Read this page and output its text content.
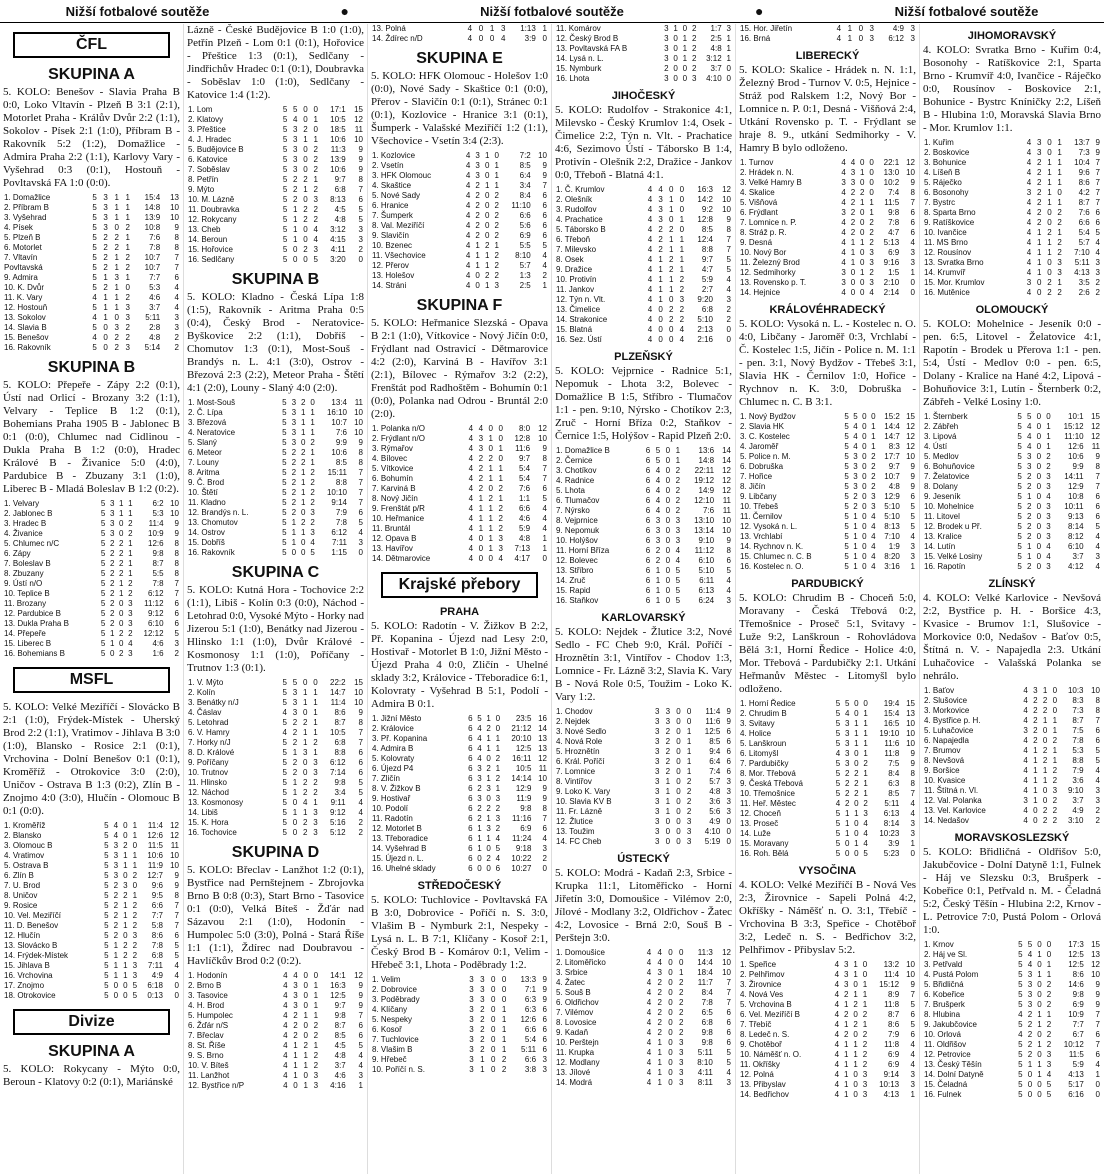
Nižší fotbalové soutěže	●	Nižší fotbalové soutěže	●	Nižší fotbalové soutěže
ČFL
SKUPINA A

5. KOLO: Benešov - Slavia Praha B 0:0, Loko Vltavín - Plzeň B 3:1 (2:1), Motorlet Praha - Králův Dvůr 2:2 (1:1), Sokolov - Písek 2:1 (1:0), Příbram B - Rakovník 5:2 (1:2), Domažlice - Admira Praha 2:2 (1:1), Karlovy Vary - Vyšehrad 0:3 (0:1), Hostouň - Povltavská FA 1:0 (0:0).

1. Domažlice	5	3	1	1	15:4	13
2. Příbram B	5	3	1	1	14:8	10
3. Vyšehrad	5	3	1	1	13:9	10
4. Písek	5	3	0	2	10:8	9
5. Plzeň B	5	2	2	1	7:6	8
6. Motorlet	5	2	2	1	7:8	8
7. Vltavín	5	2	1	2	10:7	7
Povltavská	5	2	1	2	10:7	7
9. Admira	5	1	3	1	7:7	6
10. K. Dvůr	5	2	1	0	5:3	4
11. K. Vary	4	1	1	2	4:6	4
12. Hostouň	5	1	1	3	3:7	4
13. Sokolov	4	1	0	3	5:11	3
14. Slavia B	5	0	3	2	2:8	3
15. Benešov	4	0	2	2	4:8	2
16. Rakovník	5	0	2	3	5:14	2
SKUPINA B

5. KOLO: Přepeře - Zápy 2:2 (0:1), Ústí nad Orlicí - Brozany 3:2 (1:1), Velvary - Teplice B 1:2 (0:1), Bohemians Praha 1905 B - Jablonec B 0:1 (0:0), Chlumec nad Cidlinou - Dukla Praha B 1:2 (0:0), Hradec Králové B - Živanice 5:0 (4:0), Pardubice B - Zbuzany 3:1 (1:0), Liberec B - Mladá Boleslav B 1:2 (0:2).

1. Velvary	5	3	1	1	6:2	10
2. Jablonec B	5	3	1	1	5:3	10
3. Hradec B	5	3	0	2	11:4	9
4. Živanice	5	3	0	2	10:9	9
5. Chlumec n/C	5	2	2	1	12:6	8
6. Zápy	5	2	2	1	9:8	8
7. Boleslav B	5	2	2	1	8:7	8
8. Zbuzany	5	2	2	1	5:5	8
9. Ústí n/O	5	2	1	2	7:8	7
10. Teplice B	5	2	1	2	6:12	7
11. Brozany	5	2	0	3	11:12	6
12. Pardubice B	5	2	0	3	9:12	6
13. Dukla Praha B	5	2	0	3	6:10	6
14. Přepeře	5	1	2	2	12:12	5
15. Liberec B	5	1	0	4	4:6	3
16. Bohemians B	5	0	2	3	1:6	2
MSFL

5. KOLO: Velké Meziříčí - Slovácko B 2:1 (1:0), Frýdek-Místek - Uherský Brod 2:2 (1:1), Vratimov - Jihlava B 3:0 (1:0), Blansko - Rosice 2:1 (0:1), Vrchovina - Dolní Benešov 0:1 (0:1), Kroměříž - Otrokovice 3:0 (2:0), Uničov - Ostrava B 1:3 (0:2), Zlín B - Znojmo 4:0 (3:0), Hlučín - Olomouc B 0:1 (0:0).

1. Kroměříž	5	4	0	1	11:4	12
2. Blansko	5	4	0	1	12:6	12
3. Olomouc B	5	3	2	0	11:5	11
4. Vratimov	5	3	1	1	10:6	10
5. Ostrava B	5	3	1	1	11:9	10
6. Zlín B	5	3	0	2	12:7	9
7. U. Brod	5	2	3	0	9:6	9
8. Uničov	5	2	2	1	9:5	8
9. Rosice	5	2	1	2	6:6	7
10. Vel. Meziříčí	5	2	1	2	7:7	7
11. D. Benešov	5	2	1	2	5:8	7
12. Hlučín	5	2	0	3	8:6	6
13. Slovácko B	5	1	2	2	7:8	5
14. Frýdek-Místek	5	1	2	2	6:8	5
15. Jihlava B	5	1	1	3	7:11	4
16. Vrchovina	5	1	1	3	4:9	4
17. Znojmo	5	0	0	5	6:18	0
18. Otrokovice	5	0	0	5	0:13	0
Divize
SKUPINA A

5. KOLO: Rokycany - Mýto 0:0, Beroun - Klatovy 0:2 (0:1), Mariánské

Lázně - České Budějovice B 1:0 (1:0), Petřín Plzeň - Lom 0:1 (0:1), Hořovice - Přeštice 1:3 (0:1), Sedlčany - Jindřichův Hradec 0:1 (0:1), Doubravka - Soběslav 1:0 (1:0), Sedlčany - Katovice 1:4 (1:2).

1. Lom	5	5	0	0	17:1	15
2. Klatovy	5	4	0	1	10:5	12
3. Přeštice	5	3	2	0	18:5	11
4. J. Hradec	5	3	1	1	10:6	10
5. Budějovice B	5	3	0	2	11:3	9
6. Katovice	5	3	0	2	13:9	9
7. Soběslav	5	3	0	2	10:6	9
8. Petřín	5	2	2	1	9:7	8
9. Mýto	5	2	1	2	6:8	7
10. M. Lázně	5	2	0	3	8:13	6
11. Doubravka	5	1	2	2	4:5	5
12. Rokycany	5	1	2	2	4:8	5
13. Cheb	5	1	0	4	3:12	3
14. Beroun	5	1	0	4	4:15	3
15. Hořovice	5	0	2	3	4:11	2
16. Sedlčany	5	0	0	5	3:20	0
SKUPINA B

5. KOLO: Kladno - Česká Lípa 1:8 (1:5), Rakovník - Aritma Praha 0:5 (0:4), Český Brod - Neratovice-Byškovice 2:2 (1:1), Dobříš - Chomutov 1:3 (0:1), Most-Souš - Brandýs n. L. 4:1 (3:0), Ostrov - Březová 2:3 (2:2), Meteor Praha - Štětí 4:1 (2:0), Louny - Slaný 4:0 (2:0).

1. Most-Souš	5	3	2	0	13:4	11
2. Č. Lípa	5	3	1	1	16:10	10
3. Březová	5	3	1	1	10:7	10
4. Neratovice	5	3	1	1	7:6	10
5. Slaný	5	3	0	2	9:9	9
6. Meteor	5	2	2	1	10:6	8
7. Louny	5	2	2	1	8:5	8
8. Aritma	5	2	1	2	15:11	7
9. Č. Brod	5	2	1	2	8:8	7
10. Štětí	5	2	1	2	10:10	7
11. Kladno	5	2	1	2	9:14	7
12. Brandýs n. L.	5	2	0	3	7:9	6
13. Chomutov	5	1	2	2	7:8	5
14. Ostrov	5	1	1	3	6:12	4
15. Dobříš	5	1	0	4	7:11	3
16. Rakovník	5	0	0	5	1:15	0
SKUPINA C

5. KOLO: Kutná Hora - Tochovice 2:2 (1:1), Libiš - Kolín 0:3 (0:0), Náchod - Letohrad 0:0, Vysoké Mýto - Horky nad Jizerou 5:1 (1:0), Benátky nad Jizerou - Hlinsko 1:1 (1:0), Dvůr Králové - Kosmonosy 1:1 (1:0), Poříčany - Trutnov 1:3 (0:1).

1. V. Mýto	5	5	0	0	22:2	15
2. Kolín	5	3	1	1	14:7	10
3. Benátky n/J	5	3	1	1	11:4	10
4. Čáslav	4	3	0	1	8:6	9
5. Letohrad	5	2	2	1	8:7	8
6. V. Hamry	4	2	1	1	10:5	7
7. Horky n/J	5	2	1	2	6:8	7
8. D. Králové	5	1	3	1	8:8	6
9. Poříčany	5	2	0	3	6:12	6
10. Trutnov	5	2	0	3	7:14	6
11. Hlinsko	5	1	2	2	9:8	5
12. Náchod	5	1	2	2	3:4	5
13. Kosmonosy	5	0	4	1	9:11	4
14. Libiš	5	1	1	3	9:12	4
15. K. Hora	5	0	2	3	5:16	2
16. Tochovice	5	0	2	3	5:12	2
SKUPINA D

5. KOLO: Břeclav - Lanžhot 1:2 (0:1), Bystřice nad Pernštejnem - Zbrojovka Brno B 0:8 (0:3), Start Brno - Tasovice 0:1 (0:0), Velká Bíteš - Žďár nad Sázavou 2:1 (1:0), Hodonín - Humpolec 5:0 (3:0), Polná - Stará Říše 1:1 (1:1), Ždírec nad Doubravou - Havlíčkův Brod 0:2 (0:2).

1. Hodonín	4	4	0	0	14:1	12
2. Brno B	4	3	0	1	16:3	9
3. Tasovice	4	3	0	1	12:5	9
4. H. Brod	4	3	0	1	9:7	9
5. Humpolec	4	2	1	1	9:8	7
6. Žďár n/S	4	2	0	2	8:7	6
7. Břeclav	4	2	0	2	8:5	6
8. St. Říše	4	1	2	1	4:5	5
9. S. Brno	4	1	1	2	4:8	4
10. V. Bíteš	4	1	1	2	3:7	4
11. Lanžhot	4	1	0	3	4:6	3
12. Bystřice n/P	4	0	1	3	4:16	1
13. Polná	4	0	1	3	1:13	1
14. Ždírec n/D	4	0	0	4	3:9	0
SKUPINA E

5. KOLO: HFK Olomouc - Holešov 1:0 (0:0), Nové Sady - Skaštice 0:1 (0:0), Přerov - Slavičín 0:1 (0:1), Stránec 0:1 (0:1), Kozlovice - Hranice 3:1 (0:1), Šumperk - Valašské Meziříčí 1:2 (1:1), Všechovice - Vsetín 3:4 (2:3).

1. Kozlovice	4	3	1	0	7:2	10
2. Vsetín	4	3	0	1	8:5	9
3. HFK Olomouc	4	3	0	1	6:4	9
4. Skaštice	4	2	1	1	3:4	7
5. Nové Sady	4	2	0	2	8:4	6
6. Hranice	4	2	0	2	11:10	6
7. Šumperk	4	2	0	2	6:6	6
8. Val. Meziříčí	4	2	0	2	5:6	6
9. Slavičín	4	2	0	2	6:9	6
10. Bzenec	4	1	2	1	5:5	5
11. Všechovice	4	1	1	2	8:10	4
12. Přerov	4	1	1	2	5:7	4
13. Holešov	4	0	2	2	1:3	2
14. Stráni	4	0	1	3	2:5	1
SKUPINA F

5. KOLO: Heřmanice Slezská - Opava B 2:1 (1:0), Vítkovice - Nový Jičín 0:0, Frýdlant nad Ostravicí - Dětmarovice 4:2 (2:0), Karviná B - Havířov 3:1 (2:1), Bílovec - Rýmařov 3:2 (2:2), Frenštát pod Radhoštěm - Bohumín 0:1 (0:0), Polanka nad Odrou - Bruntál 2:0 (2:0).

1. Polanka n/O	4	4	0	0	8:0	12
2. Frýdlant n/O	4	3	1	0	12:8	10
3. Rýmařov	4	3	0	1	11:6	9
4. Bílovec	4	2	2	0	9:7	8
5. Vítkovice	4	2	1	1	5:4	7
6. Bohumín	4	2	1	1	5:4	7
7. Karviná B	4	2	0	2	7:6	6
8. Nový Jičín	4	1	2	1	1:1	5
9. Frenštát p/R	4	1	1	2	6:6	4
10. Heřmanice	4	1	1	2	4:6	4
11. Bruntál	4	1	1	2	5:9	4
12. Opava B	4	0	1	3	4:8	1
13. Havířov	4	0	1	3	7:13	1
14. Dětmarovice	4	0	0	4	4:17	0
Krajské přebory
PRAHA

5. KOLO: Radotín - V. Žižkov B 2:2, Př. Kopanina - Újezd nad Lesy 2:0, Hostivař - Motorlet B 1:0, Jižní Město - Újezd Praha 4 0:0, Zličín - Uhelné sklady 3:2, Královice - Třeboradice 6:1, Kolovraty - Vyšehrad B 5:1, Podolí - Admira B 0:1.

1. Jižní Město	6	5	1	0	23:5	16
2. Královice	6	4	2	0	21:12	14
3. Př. Kopanina	6	4	1	1	20:10	13
4. Admira B	6	4	1	1	12:5	13
5. Kolovraty	6	4	0	2	16:11	12
6. Újezd P4	6	3	2	1	10:5	11
7. Zličín	6	3	1	2	14:14	10
8. V. Žižkov B	6	2	3	1	12:9	9
9. Hostivař	6	3	0	3	11:9	9
10. Podolí	6	2	2	2	9:8	8
11. Radotín	6	2	1	3	11:16	7
12. Motorlet B	6	1	3	2	6:9	6
13. Třeboradice	6	1	1	4	11:24	4
14. Vyšehrad B	6	1	0	5	9:18	3
15. Újezd n. L.	6	0	2	4	10:22	2
16. Uhelné sklady	6	0	0	6	10:27	0
STŘEDOČESKÝ

5. KOLO: Tuchlovice - Povltavská FA B 3:0, Dobrovice - Poříčí n. S. 3:0, Vlašim B - Nymburk 2:1, Nespeky - Lysá n. L. B 7:1, Klíčany - Kosoř 2:1, Český Brod B - Komárov 0:1, Velim - Hřebeč 3:1, Lhota - Poděbrady 1:2.

1. Velim	3	3	0	0	13:3	9
2. Dobrovice	3	3	0	0	7:1	9
3. Poděbrady	3	3	0	0	6:3	9
4. Klíčany	3	2	0	1	6:3	6
5. Nespeky	3	2	0	1	12:6	6
6. Kosoř	3	2	0	1	6:6	6
7. Tuchlovice	3	2	0	1	5:4	6
8. Vlašim B	3	2	0	1	5:11	6
9. Hřebeč	3	1	0	2	6:6	3
10. Poříčí n. S.	3	1	0	2	3:8	3
11. Komárov	3	1	0	2	1:7	3
12. Český Brod B	3	0	1	2	2:5	1
13. Povltavská FA B	3	0	1	2	4:8	1
14. Lysá n. L.	3	0	1	2	3:12	1
15. Nymburk	2	0	0	2	3:7	0
16. Lhota	3	0	0	3	4:10	0
JIHOČESKÝ

5. KOLO: Rudolfov - Strakonice 4:1, Milevsko - Český Krumlov 1:4, Osek - Čimelice 2:2, Týn n. Vlt. - Prachatice 4:6, Sezimovo Ústí - Táborsko B 1:4, Protivín - Olešník 2:2, Dražice - Jankov 0:0, Třeboň - Blatná 4:1.

1. Č. Krumlov	4	4	0	0	16:3	12
2. Olešník	4	3	1	0	14:2	10
3. Rudolfov	4	3	1	0	9:2	10
4. Prachatice	4	3	0	1	12:8	9
5. Táborsko B	4	2	2	0	8:5	8
6. Třeboň	4	2	1	1	12:4	7
7. Milevsko	4	2	1	1	8:8	7
8. Osek	4	1	2	1	9:7	5
9. Dražice	4	1	2	1	4:7	5
10. Protivín	4	1	1	2	5:9	4
11. Jankov	4	1	1	2	2:7	4
12. Týn n. Vlt.	4	1	0	3	9:20	3
13. Čimelice	4	0	2	2	6:8	2
14. Strakonice	4	0	2	2	5:10	2
15. Blatná	4	0	0	4	2:13	0
16. Sez. Ústí	4	0	0	4	2:16	0
PLZEŇSKÝ

5. KOLO: Vejprnice - Radnice 5:1, Nepomuk - Lhota 3:2, Bolevec - Domažlice B 1:5, Stříbro - Tlumačov 1:1 - pen. 9:10, Nýrsko - Chotíkov 2:3, Zruč - Horní Bříza 0:2, Staňkov - Černice 1:5, Holýšov - Rapid Plzeň 2:0.

1. Domažlice B	6	5	0	1	13:6	14
2. Černice	6	5	0	1	14:8	14
3. Chotíkov	6	4	0	2	22:11	12
4. Radnice	6	4	0	2	19:12	12
5. Lhota	6	4	0	2	14:9	12
6. Tlumačov	6	4	0	2	12:10	11
7. Nýrsko	6	4	0	2	7:6	11
8. Vejprnice	6	3	0	3	13:10	10
9. Nepomuk	6	3	0	3	13:14	10
10. Holýšov	6	3	0	3	9:10	9
11. Horní Bříza	6	2	0	4	11:12	8
12. Bolevec	6	2	0	4	6:10	6
13. Stříbro	6	1	0	5	5:10	5
14. Zruč	6	1	0	5	6:11	4
15. Rapid	6	1	0	5	6:13	4
16. Staňkov	6	1	0	5	6:24	3
KARLOVARSKÝ

5. KOLO: Nejdek - Žlutice 3:2, Nové Sedlo - FC Cheb 9:0, Král. Poříčí - Hroznětín 3:1, Vintířov - Chodov 1:3, Lomnice - Fr. Lázně 3:2, Slavia K. Vary B - Nová Role 0:5, Toužim - Loko K. Vary 1:2.

1. Chodov	3	3	0	0	11:4	9
2. Nejdek	3	3	0	0	11:6	9
3. Nové Sedlo	3	2	0	1	12:5	6
4. Nová Role	3	2	0	1	8:5	6
5. Hroznětín	3	2	0	1	9:4	6
6. Král. Poříčí	3	2	0	1	6:4	6
7. Lomnice	3	2	0	1	7:4	6
8. Vintířov	3	1	0	2	5:7	3
9. Loko K. Vary	3	1	0	2	4:8	3
10. Slavia KV B	3	1	0	2	3:6	3
11. Fr. Lázně	3	1	0	2	5:6	3
12. Žlutice	3	0	0	3	4:9	0
13. Toužim	3	0	0	3	4:10	0
14. FC Cheb	3	0	0	3	5:19	0
ÚSTECKÝ

5. KOLO: Modrá - Kadaň 2:3, Srbice - Krupka 11:1, Litoměřicko - Horní Jiřetín 3:0, Domoušice - Vilémov 2:0, Jílové - Modlany 3:2, Oldřichov - Žatec 4:2, Lovosice - Brná 2:0, Souš B - Perštejn 3:0.

1. Domoušice	4	4	0	0	11:3	12
2. Litoměřicko	4	4	0	0	14:4	10
3. Srbice	4	3	0	1	18:4	10
4. Žatec	4	2	0	2	11:7	7
5. Souš B	4	2	0	2	8:4	7
6. Oldřichov	4	2	0	2	7:8	7
7. Vilémov	4	2	0	2	6:5	6
8. Lovosice	4	2	0	2	6:8	6
9. Kadaň	4	2	0	2	9:8	6
10. Perštejn	4	1	0	3	9:8	6
11. Krupka	4	1	0	3	5:11	5
12. Modlany	4	1	0	3	8:10	5
13. Jílové	4	1	0	3	4:11	4
14. Modrá	4	1	0	3	8:11	3
15. Hor. Jiřetín	4	1	0	3	4:9	3
16. Brná	4	1	0	3	6:12	3
LIBERECKÝ

5. KOLO: Skalice - Hrádek n. N. 1:1, Železný Brod - Turnov V. 0:5, Hejnice - Stráž pod Ralskem 1:2, Nový Bor - Lomnice n. P. 0:1, Desná - Višňová 2:4, Utkání Rovensko p. T. - Frýdlant se hraje 8. 9., utkání Sedmihorky - V. Hamry B bylo odloženo.

1. Turnov	4	4	0	0	22:1	12
2. Hrádek n. N.	4	3	1	0	13:0	10
3. Velké Hamry B	3	3	0	0	10:2	9
4. Skalice	4	2	2	0	7:4	8
5. Višňová	4	2	1	1	11:5	7
6. Frýdlant	3	2	0	1	9:8	6
7. Lomnice n. P.	4	2	0	2	7:8	6
8. Stráž p. R.	4	2	0	2	4:7	6
9. Desná	4	1	1	2	5:13	4
10. Nový Bor	4	1	0	3	6:9	3
11. Železný Brod	4	1	0	3	9:16	3
12. Sedmihorky	3	0	1	2	1:5	1
13. Rovensko p. T.	3	0	0	3	2:10	0
14. Hejnice	4	0	0	4	2:14	0
KRÁLOVÉHRADECKÝ

5. KOLO: Vysoká n. L. - Kostelec n. O. 4:0, Libčany - Jaroměř 0:3, Vrchlabí - Č. Kostelec 1:5, Jičín - Police n. M. 1:1 - pen. 3:1, Nový Bydžov - Třebeš 3:1, Slavia HK - Černilov 1:0, Hořice - Rychnov n. K. 3:0, Dobruška - Chlumec n. C. B 3:1.

1. Nový Bydžov	5	5	0	0	15:2	15
2. Slavia HK	5	4	0	1	14:4	12
3. C. Kostelec	5	4	0	1	14:7	12
4. Jaroměř	5	4	0	1	8:3	12
5. Police n. M.	5	3	0	2	17:7	10
6. Dobruška	5	3	0	2	9:7	9
7. Hořice	5	3	0	2	10:7	9
8. Jičín	5	3	0	2	4:8	9
9. Libčany	5	2	0	3	12:9	6
10. Třebeš	5	2	0	3	5:10	5
11. Černilov	5	1	0	4	5:10	5
12. Vysoká n. L.	5	1	0	4	8:13	5
13. Vrchlabí	5	1	0	4	7:10	4
14. Rychnov n. K.	5	1	0	4	1:9	3
15. Chlumec n. C. B	5	1	0	4	8:20	3
16. Kostelec n. O.	5	1	0	4	3:16	1
PARDUBICKÝ

5. KOLO: Chrudim B - Choceň 5:0, Moravany - Česká Třebová 0:2, Třemošnice - Proseč 5:1, Svitavy - Luže 9:2, Lanškroun - Rohovládova Bělá 3:1, Horní Ředice - Holice 4:0, Mor. Třebová - Pardubičky 2:1. Utkání Heřmanův Městec - Litomyšl bylo odloženo.

1. Horní Ředice	5	5	0	0	19:4	15
2. Chrudim B	5	4	0	1	15:4	13
3. Svitavy	5	3	1	1	16:5	10
4. Holice	5	3	1	1	19:10	10
5. Lanškroun	5	3	1	1	11:6	10
6. Litomyšl	4	3	0	1	11:8	9
7. Pardubičky	5	3	0	2	7:5	9
8. Mor. Třebová	5	2	2	1	8:4	8
9. Česká Třebová	5	2	2	1	6:3	8
10. Třemošnice	5	2	2	1	8:5	7
11. Heř. Městec	4	2	0	2	5:11	4
12. Choceň	5	1	1	3	6:13	4
13. Proseč	5	1	0	4	8:14	3
14. Luže	5	1	0	4	10:23	3
15. Moravany	5	0	1	4	3:9	1
16. Roh. Bělá	5	0	0	5	5:23	0
VYSOČINA

4. KOLO: Velké Meziříčí B - Nová Ves 2:3, Žirovnice - Sapeli Polná 4:2, Okříšky - Náměšť n. O. 3:1, Třebíč - Vrchovina B 3:3, Speřice - Chotěboř 3:2, Ledeč n. S. - Bedřichov 3:2, Pelhřimov - Přibyslav 5:2.

1. Speřice	4	3	1	0	13:2	10
2. Pelhřimov	4	3	1	0	11:4	10
3. Žirovnice	4	3	0	1	15:12	9
4. Nová Ves	4	2	1	1	8:9	7
5. Vrchovina B	4	1	2	1	11:8	5
6. Vel. Meziříčí B	4	2	0	2	8:7	6
7. Třebíč	4	1	2	1	8:6	5
8. Ledeč n. S.	4	2	0	2	7:9	6
9. Chotěboř	4	1	1	2	11:8	4
10. Náměšť n. O.	4	1	1	2	6:9	4
11. Okříšky	4	1	1	2	6:9	4
12. Polná	4	1	0	3	9:14	3
13. Přibyslav	4	1	0	3	10:13	3
14. Bedřichov	4	1	0	3	4:13	1
JIHOMORAVSKÝ

4. KOLO: Svratka Brno - Kuřim 0:4, Bosonohy - Ratíškovice 2:1, Sparta Brno - Krumvíř 4:0, Ivančice - Ráječko 0:0, Rousínov - Boskovice 2:1, Bohunice - Bystrc Kníničky 2:2, Líšeň B - Hlubina 1:0, Moravská Slavia Brno - Mor. Krumlov 1:1.

1. Kuřim	4	3	0	1	13:7	9
2. Boskovice	4	3	0	1	7:3	9
3. Bohunice	4	2	1	1	10:4	7
4. Líšeň B	4	2	1	1	9:6	7
5. Ráječko	4	2	1	1	8:6	7
6. Bosonohy	3	2	1	0	4:2	7
7. Bystrc	4	2	1	1	8:7	7
8. Sparta Brno	4	2	0	2	7:6	6
9. Ratíškovice	4	2	0	2	6:6	6
10. Ivančice	4	1	2	1	5:4	5
11. MS Brno	4	1	1	2	5:7	4
12. Rousínov	4	1	1	2	7:10	4
13. Svratka Brno	4	1	0	3	5:11	3
14. Krumvíř	4	1	0	3	4:13	3
15. Mor. Krumlov	3	0	2	1	3:5	2
16. Mutěnice	4	0	2	2	2:6	2
OLOMOUCKÝ

5. KOLO: Mohelnice - Jeseník 0:0 - pen. 6:5, Litovel - Želatovice 4:1, Rapotín - Brodek u Přerova 1:1 - pen. 5:4, Ústí - Medlov 0:0 - pen. 6:5, Dolany - Kralice na Hané 4:2, Lipová - Bohuňovice 3:1, Lutín - Šternberk 0:2, Zábřeh - Velké Losiny 1:0.

1. Šternberk	5	5	0	0	10:1	15
2. Zábřeh	5	4	0	1	15:12	12
3. Lipová	5	4	0	1	11:10	12
4. Ústí	5	4	0	1	12:6	11
5. Medlov	5	3	0	2	10:6	9
6. Bohuňovice	5	3	0	2	9:9	8
7. Želatovice	5	2	0	3	14:11	7
8. Dolany	5	2	0	3	12:9	7
9. Jeseník	5	1	0	4	10:8	6
10. Mohelnice	5	2	0	3	10:11	6
11. Litovel	5	2	0	3	9:13	6
12. Brodek u Př.	5	2	0	3	8:14	5
13. Kralice	5	2	0	3	8:12	4
14. Lutín	5	1	0	4	6:10	4
15. Velké Losiny	5	1	0	4	3:7	3
16. Rapotín	5	2	0	3	4:12	4
ZLÍNSKÝ

4. KOLO: Velké Karlovice - Nevšová 2:2, Bystřice p. H. - Boršice 4:3, Kvasice - Brumov 1:1, Slušovice - Morkovice 0:0, Nedašov - Baťov 0:5, Štítná n. V. - Napajedla 2:3. Utkání Luhačovice - Valašská Polanka se nehrálo.

1. Baťov	4	3	1	0	10:3	10
2. Slušovice	4	2	2	0	8:3	8
3. Morkovice	4	2	2	0	7:3	8
4. Bystřice p. H.	4	2	1	1	8:7	7
5. Luhačovice	3	2	0	1	7:5	6
6. Napajedla	4	2	0	2	7:8	6
7. Brumov	4	1	2	1	5:3	5
8. Nevšová	4	1	2	1	8:8	5
9. Boršice	4	1	1	2	7:9	4
10. Kvasice	4	1	1	2	3:6	4
11. Štítná n. Vl.	4	1	0	3	9:10	3
12. Val. Polanka	3	1	0	2	3:7	3
13. Vel. Karlovice	4	0	2	2	4:9	2
14. Nedašov	4	0	2	2	3:10	2
MORAVSKOSLEZSKÝ

5. KOLO: Břidličná - Oldřišov 5:0, Jakubčovice - Dolní Datyně 1:1, Fulnek - Háj ve Slezsku 0:3, Brušperk - Kobeřice 0:1, Petřvald n. M. - Čeladná 5:2, Český Těšín - Hlubina 2:2, Krnov - L. Petrovice 7:0, Pustá Polom - Orlová 1:0.

1. Krnov	5	5	0	0	17:3	15
2. Háj ve Sl.	5	4	1	0	12:5	13
3. Petřvald	5	4	0	1	12:5	12
4. Pustá Polom	5	3	1	1	8:6	10
5. Břidličná	5	3	0	2	14:6	9
6. Kobeřice	5	3	0	2	9:8	9
7. Brušperk	5	3	0	2	6:9	9
8. Hlubina	4	2	1	1	10:9	7
9. Jakubčovice	5	2	1	2	7:7	7
10. Orlová	4	2	0	2	6:7	6
11. Oldřišov	5	2	1	2	10:12	7
12. Petrovice	5	2	0	3	11:5	6
13. Český Těšín	5	1	1	3	5:9	4
14. Dolní Datyně	5	0	1	4	4:13	1
15. Čeladná	5	0	0	5	5:17	0
16. Fulnek	5	0	0	5	6:16	0
